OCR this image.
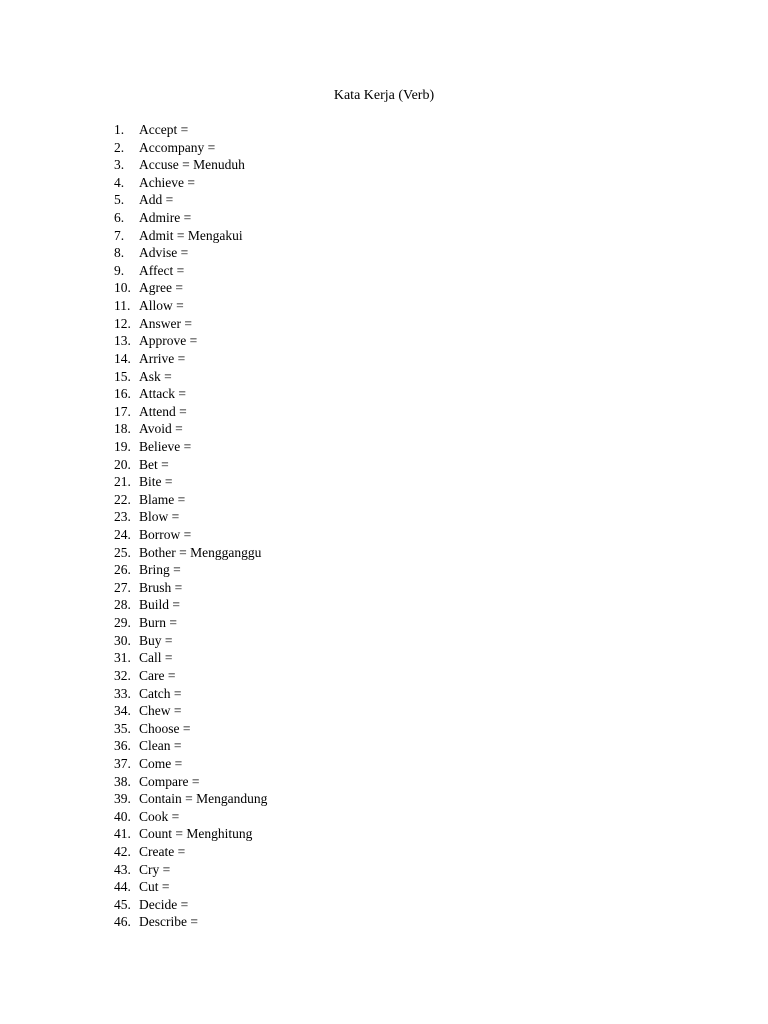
Kata Kerja (Verb)
1.	Accept =
2.	Accompany =
3.	Accuse = Menuduh
4.	Achieve =
5.	Add =
6.	Admire =
7.	Admit = Mengakui
8.	Advise =
9.	Affect =
10. Agree =
11. Allow =
12. Answer =
13. Approve =
14. Arrive =
15. Ask =
16. Attack =
17. Attend =
18. Avoid =
19. Believe =
20. Bet =
21. Bite =
22. Blame =
23. Blow =
24. Borrow =
25. Bother = Mengganggu
26. Bring =
27. Brush =
28. Build =
29. Burn =
30. Buy =
31. Call =
32. Care =
33. Catch =
34. Chew =
35. Choose =
36. Clean =
37. Come =
38. Compare =
39. Contain = Mengandung
40. Cook =
41. Count = Menghitung
42. Create =
43. Cry =
44. Cut =
45. Decide =
46. Describe =
